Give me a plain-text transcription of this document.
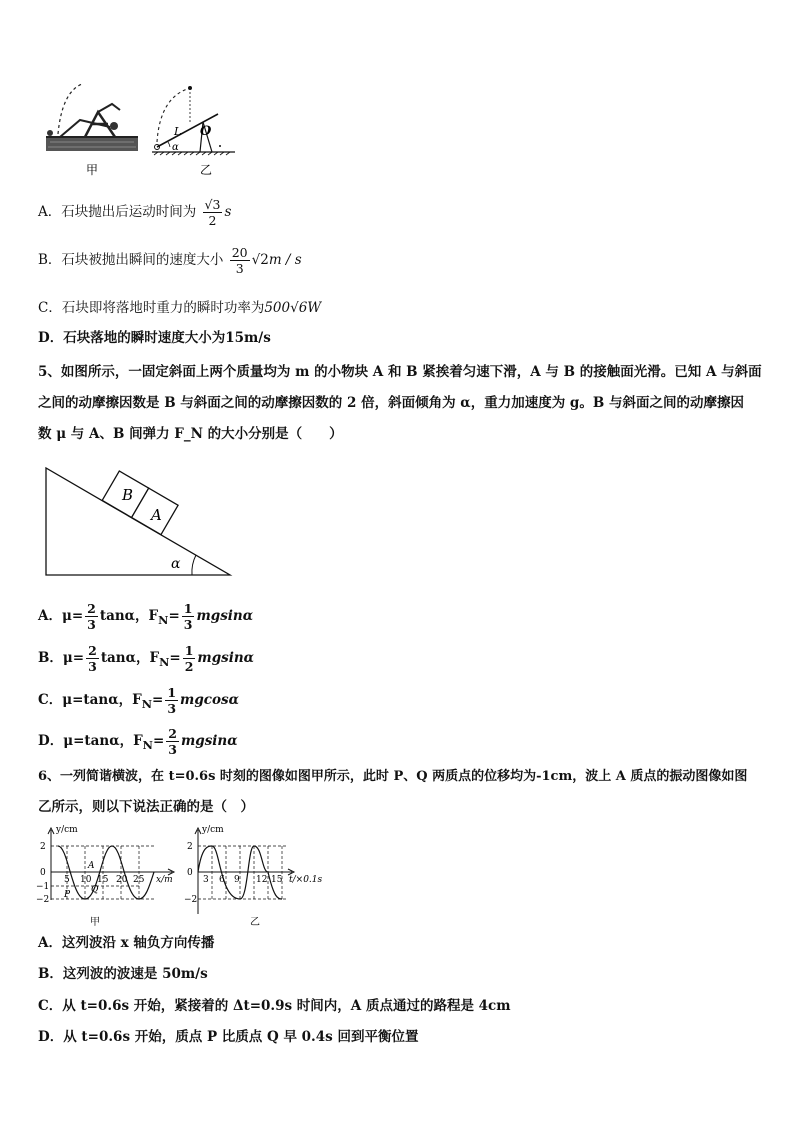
甲
L O
α
乙
A．石块抛出后运动时间为 $\frac{√3}{2}$ s
B．石块被抛出瞬间的速度大小 $\frac{20}{3} √2m$ / s
C．石块即将落地时重力的瞬时功率为500√6W
D．石块落地的瞬时速度大小为15m/s
5、如图所示，一固定斜面上两个质量均为 m 的小物块 A 和 B 紧挨着匀速下滑，A 与 B 的接触面光滑。已知 A 与斜面
之间的动摩擦因数是 B 与斜面之间的动摩擦因数的 2 倍，斜面倾角为 α，重力加速度为 g。B 与斜面之间的动摩擦因
数 μ 与 A、B 间弹力 F_N 的大小分别是（　　）
B
A
α
A．$\mu= \frac{2}{3}$ tanα，$F_N= \frac{1}{3}$ mgsinα
B．$\mu= \frac{2}{3}$ tanα，$F_N= \frac{1}{2}$ mgsinα
C．μ=tanα，$F_N= \frac{1}{3}$ mgcosα
D．μ=tanα，$F_N= \frac{2}{3}$ mgsinα
6、一列简谐横波，在 t=0.6s 时刻的图像如图甲所示，此时 P、Q 两质点的位移均为-1cm，波上 A 质点的振动图像如图
乙所示，则以下说法正确的是（　）
y/cm
x/m
2
0
−1
−2
5 10 15 20 25
A
P Q
甲
y/cm
t/×0.1s
2
0
−2
3 6 9 12 15
乙
A．这列波沿 x 轴负方向传播
B．这列波的波速是 50m/s
C．从 t=0.6s 开始，紧接着的 Δt=0.9s 时间内，A 质点通过的路程是 4cm
D．从 t=0.6s 开始，质点 P 比质点 Q 早 0.4s 回到平衡位置
